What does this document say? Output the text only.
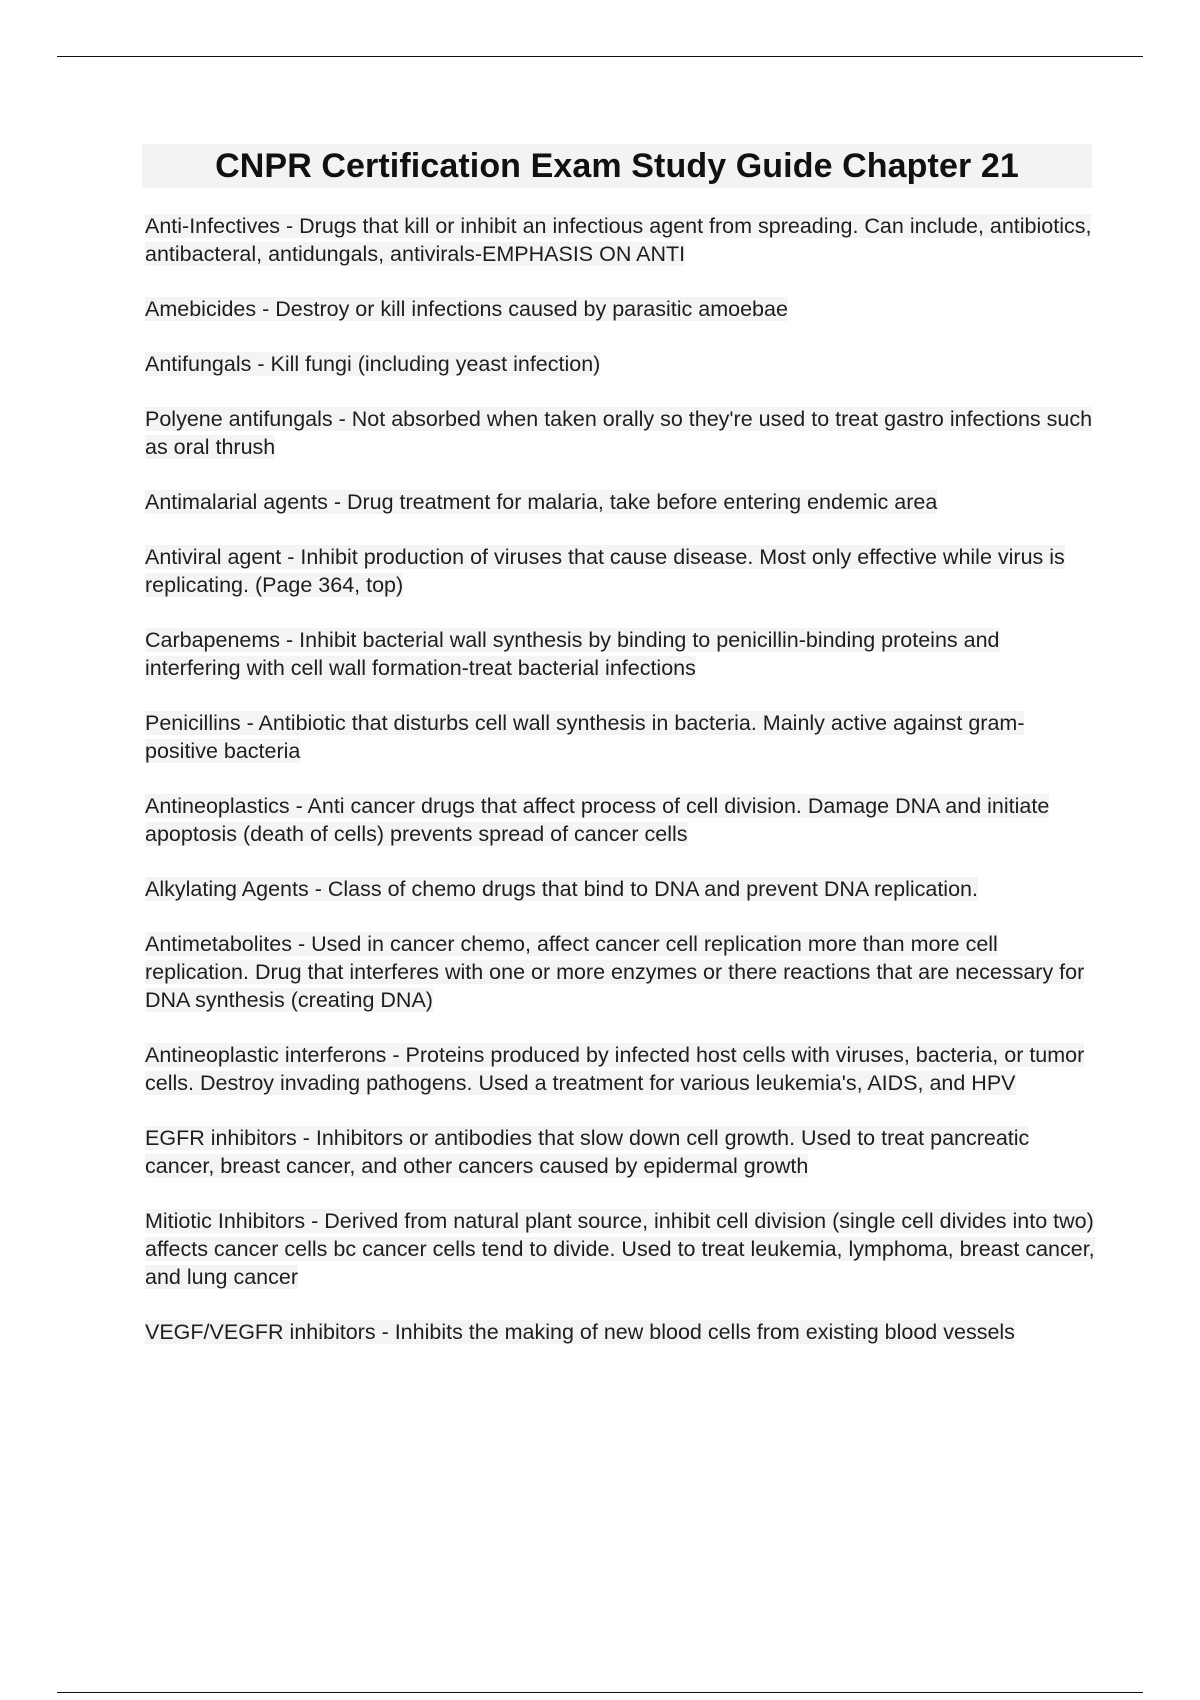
CNPR Certification Exam Study Guide Chapter 21

Anti-Infectives - Drugs that kill or inhibit an infectious agent from spreading. Can include, antibiotics, antibacteral, antidungals, antivirals-EMPHASIS ON ANTI

Amebicides - Destroy or kill infections caused by parasitic amoebae

Antifungals - Kill fungi (including yeast infection)

Polyene antifungals - Not absorbed when taken orally so they're used to treat gastro infections such as oral thrush

Antimalarial agents - Drug treatment for malaria, take before entering endemic area

Antiviral agent - Inhibit production of viruses that cause disease. Most only effective while virus is replicating. (Page 364, top)

Carbapenems - Inhibit bacterial wall synthesis by binding to penicillin-binding proteins and interfering with cell wall formation-treat bacterial infections

Penicillins - Antibiotic that disturbs cell wall synthesis in bacteria. Mainly active against gram-positive bacteria

Antineoplastics - Anti cancer drugs that affect process of cell division. Damage DNA and initiate apoptosis (death of cells) prevents spread of cancer cells

Alkylating Agents - Class of chemo drugs that bind to DNA and prevent DNA replication.

Antimetabolites - Used in cancer chemo, affect cancer cell replication more than more cell replication. Drug that interferes with one or more enzymes or there reactions that are necessary for DNA synthesis (creating DNA)

Antineoplastic interferons - Proteins produced by infected host cells with viruses, bacteria, or tumor cells. Destroy invading pathogens. Used a treatment for various leukemia's, AIDS, and HPV

EGFR inhibitors - Inhibitors or antibodies that slow down cell growth. Used to treat pancreatic cancer, breast cancer, and other cancers caused by epidermal growth

Mitiotic Inhibitors - Derived from natural plant source, inhibit cell division (single cell divides into two) affects cancer cells bc cancer cells tend to divide. Used to treat leukemia, lymphoma, breast cancer, and lung cancer

VEGF/VEGFR inhibitors - Inhibits the making of new blood cells from existing blood vessels
